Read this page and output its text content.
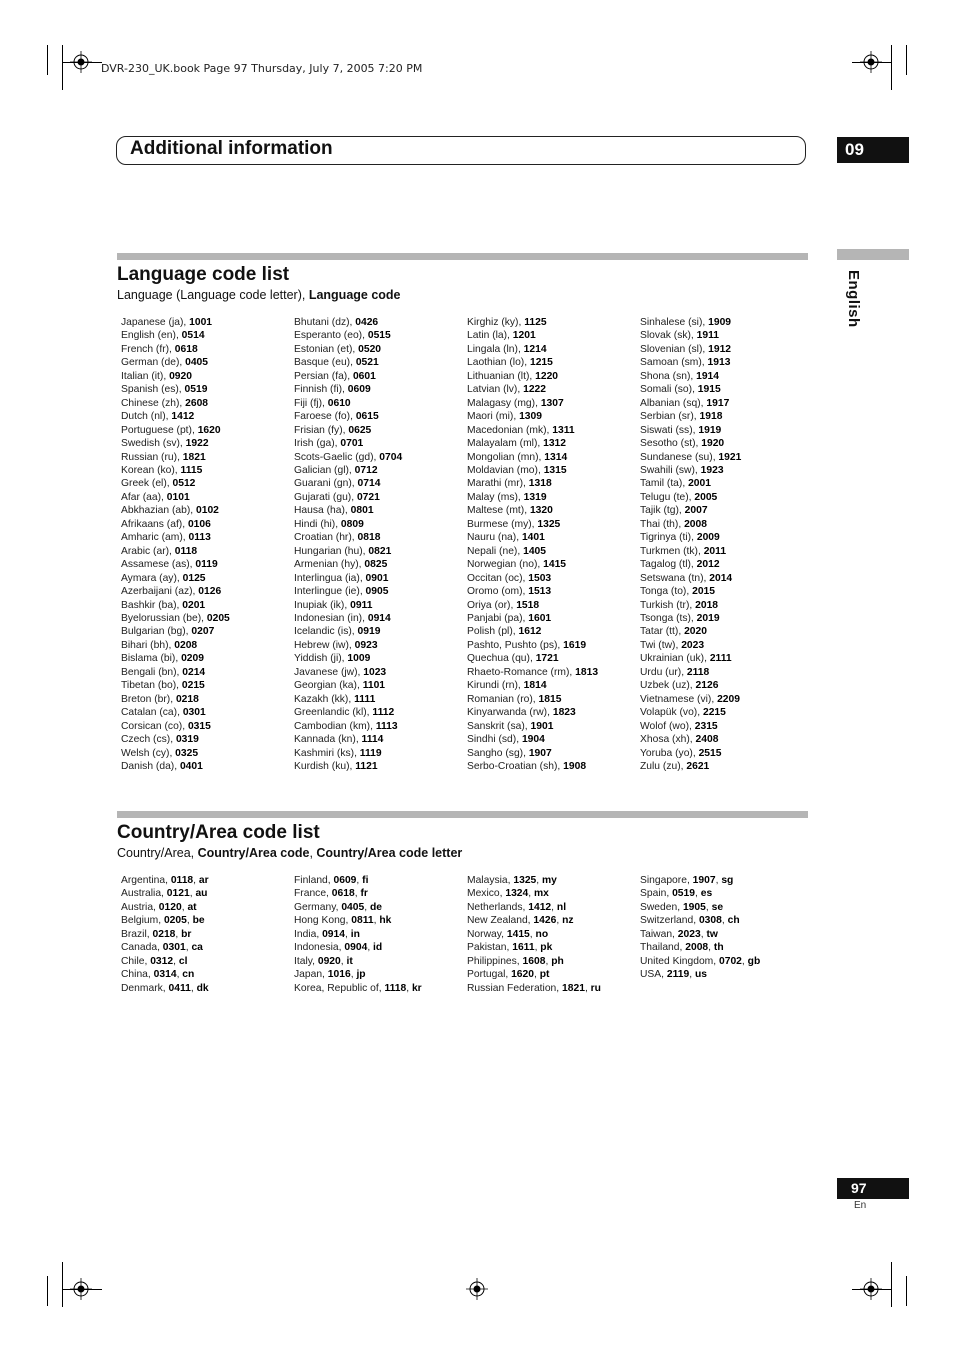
DVR-230_UK.book Page 97 Thursday, July 7, 2005 7:20 PM
Additional information	09
English
Language code list
Language (Language code letter), Language code
Japanese (ja), 1001
English (en), 0514
French (fr), 0618
German (de), 0405
Italian (it), 0920
Spanish (es), 0519
Chinese (zh), 2608
Dutch (nl), 1412
Portuguese (pt), 1620
Swedish (sv), 1922
Russian (ru), 1821
Korean (ko), 1115
Greek (el), 0512
Afar (aa), 0101
Abkhazian (ab), 0102
Afrikaans (af), 0106
Amharic (am), 0113
Arabic (ar), 0118
Assamese (as), 0119
Aymara (ay), 0125
Azerbaijani (az), 0126
Bashkir (ba), 0201
Byelorussian (be), 0205
Bulgarian (bg), 0207
Bihari (bh), 0208
Bislama (bi), 0209
Bengali (bn), 0214
Tibetan (bo), 0215
Breton (br), 0218
Catalan (ca), 0301
Corsican (co), 0315
Czech (cs), 0319
Welsh (cy), 0325
Danish (da), 0401
Bhutani (dz), 0426
Esperanto (eo), 0515
Estonian (et), 0520
Basque (eu), 0521
Persian (fa), 0601
Finnish (fi), 0609
Fiji (fj), 0610
Faroese (fo), 0615
Frisian (fy), 0625
Irish (ga), 0701
Scots-Gaelic (gd), 0704
Galician (gl), 0712
Guarani (gn), 0714
Gujarati (gu), 0721
Hausa (ha), 0801
Hindi (hi), 0809
Croatian (hr), 0818
Hungarian (hu), 0821
Armenian (hy), 0825
Interlingua (ia), 0901
Interlingue (ie), 0905
Inupiak (ik), 0911
Indonesian (in), 0914
Icelandic (is), 0919
Hebrew (iw), 0923
Yiddish (ji), 1009
Javanese (jw), 1023
Georgian (ka), 1101
Kazakh (kk), 1111
Greenlandic (kl), 1112
Cambodian (km), 1113
Kannada (kn), 1114
Kashmiri (ks), 1119
Kurdish (ku), 1121
Kirghiz (ky), 1125
Latin (la), 1201
Lingala (ln), 1214
Laothian (lo), 1215
Lithuanian (lt), 1220
Latvian (lv), 1222
Malagasy (mg), 1307
Maori (mi), 1309
Macedonian (mk), 1311
Malayalam (ml), 1312
Mongolian (mn), 1314
Moldavian (mo), 1315
Marathi (mr), 1318
Malay (ms), 1319
Maltese (mt), 1320
Burmese (my), 1325
Nauru (na), 1401
Nepali (ne), 1405
Norwegian (no), 1415
Occitan (oc), 1503
Oromo (om), 1513
Oriya (or), 1518
Panjabi (pa), 1601
Polish (pl), 1612
Pashto, Pushto (ps), 1619
Quechua (qu), 1721
Rhaeto-Romance (rm), 1813
Kirundi (rn), 1814
Romanian (ro), 1815
Kinyarwanda (rw), 1823
Sanskrit (sa), 1901
Sindhi (sd), 1904
Sangho (sg), 1907
Serbo-Croatian (sh), 1908
Sinhalese (si), 1909
Slovak (sk), 1911
Slovenian (sl), 1912
Samoan (sm), 1913
Shona (sn), 1914
Somali (so), 1915
Albanian (sq), 1917
Serbian (sr), 1918
Siswati (ss), 1919
Sesotho (st), 1920
Sundanese (su), 1921
Swahili (sw), 1923
Tamil (ta), 2001
Telugu (te), 2005
Tajik (tg), 2007
Thai (th), 2008
Tigrinya (ti), 2009
Turkmen (tk), 2011
Tagalog (tl), 2012
Setswana (tn), 2014
Tonga (to), 2015
Turkish (tr), 2018
Tsonga (ts), 2019
Tatar (tt), 2020
Twi (tw), 2023
Ukrainian (uk), 2111
Urdu (ur), 2118
Uzbek (uz), 2126
Vietnamese (vi), 2209
Volapük (vo), 2215
Wolof (wo), 2315
Xhosa (xh), 2408
Yoruba (yo), 2515
Zulu (zu), 2621
Country/Area code list
Country/Area, Country/Area code, Country/Area code letter
Argentina, 0118, ar
Australia, 0121, au
Austria, 0120, at
Belgium, 0205, be
Brazil, 0218, br
Canada, 0301, ca
Chile, 0312, cl
China, 0314, cn
Denmark, 0411, dk
Finland, 0609, fi
France, 0618, fr
Germany, 0405, de
Hong Kong, 0811, hk
India, 0914, in
Indonesia, 0904, id
Italy, 0920, it
Japan, 1016, jp
Korea, Republic of, 1118, kr
Malaysia, 1325, my
Mexico, 1324, mx
Netherlands, 1412, nl
New Zealand, 1426, nz
Norway, 1415, no
Pakistan, 1611, pk
Philippines, 1608, ph
Portugal, 1620, pt
Russian Federation, 1821, ru
Singapore, 1907, sg
Spain, 0519, es
Sweden, 1905, se
Switzerland, 0308, ch
Taiwan, 2023, tw
Thailand, 2008, th
United Kingdom, 0702, gb
USA, 2119, us
97
En
